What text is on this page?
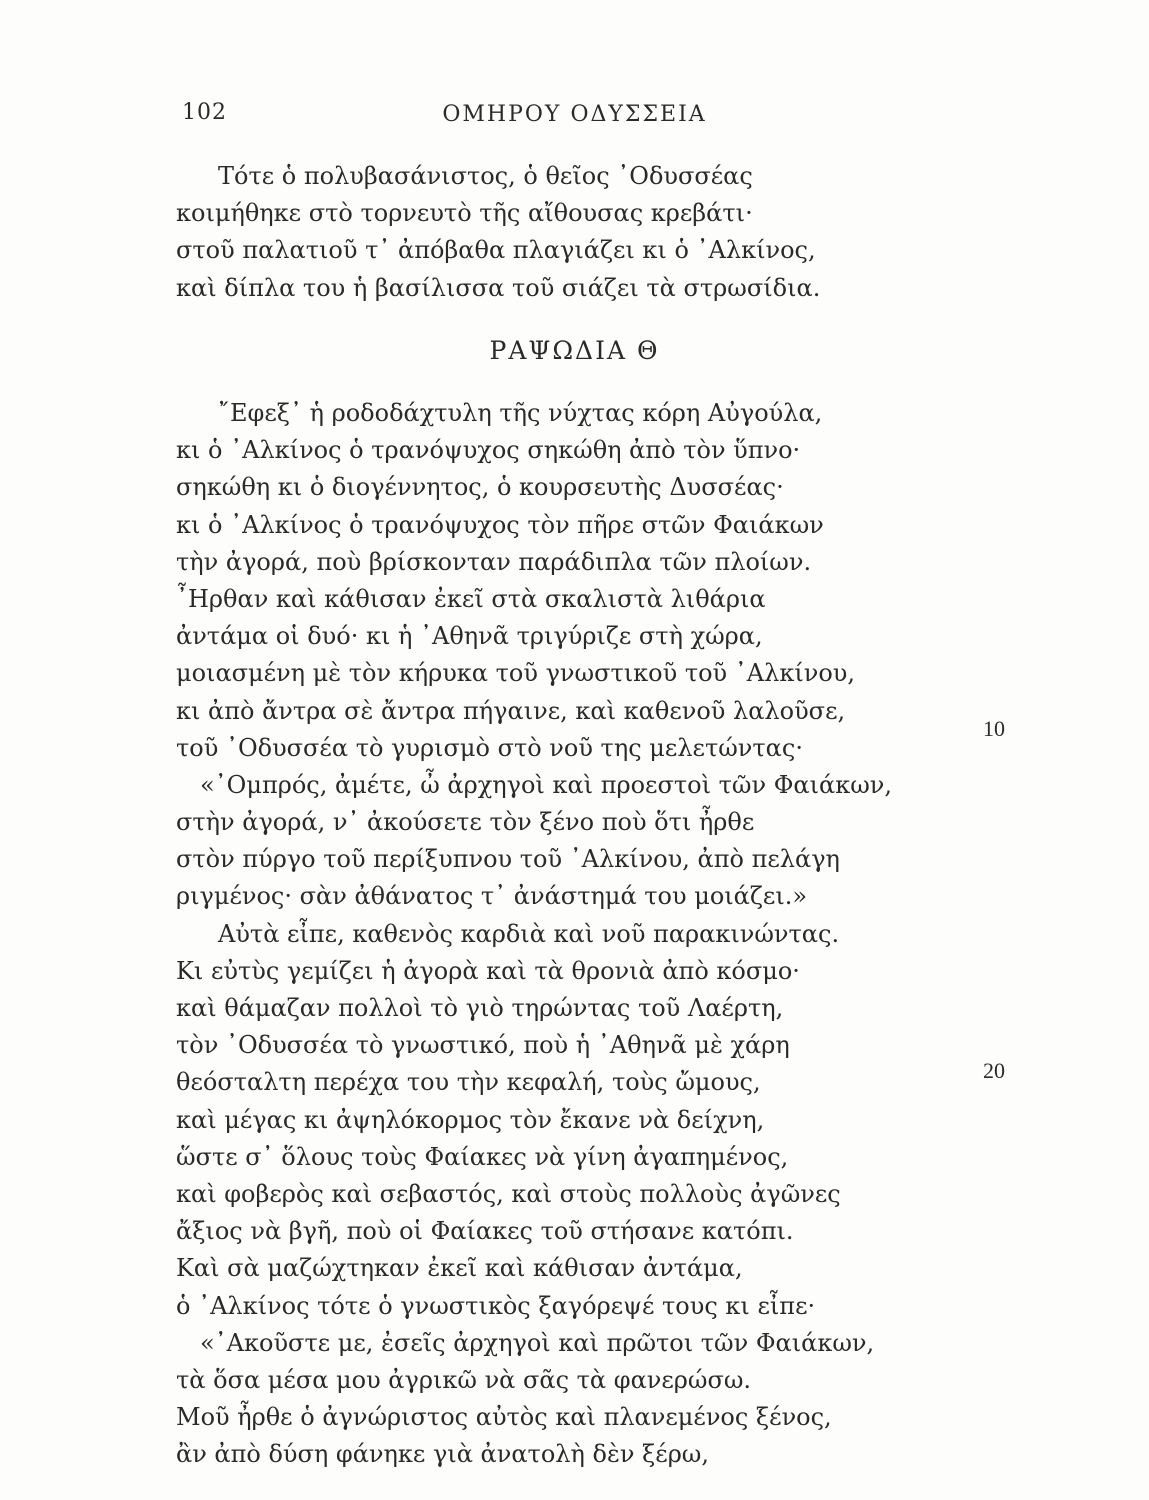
102	ΟΜΗΡΟΥ ΟΔΥΣΣΕΙΑ
Τότε ὁ πολυβασάνιστος, ὁ θεῖος ᾿Οδυσσέας
κοιμήθηκε στὸ τορνευτὸ τῆς αἴθουσας κρεβάτι·
στοῦ παλατιοῦ τ᾿ ἀπόβαθα πλαγιάζει κι ὁ ᾿Αλκίνος,
καὶ δίπλα του ἡ βασίλισσα τοῦ σιάζει τὰ στρωσίδια.
ΡΑΨΩΔΙΑ Θ
῎Εφεξ᾿ ἡ ροδοδάχτυλη τῆς νύχτας κόρη Αὐγούλα,
κι ὁ ᾿Αλκίνος ὁ τρανόψυχος σηκώθη ἀπὸ τὸν ὕπνο·
σηκώθη κι ὁ διογέννητος, ὁ κουρσευτὴς Δυσσέας·
κι ὁ ᾿Αλκίνος ὁ τρανόψυχος τὸν πῆρε στῶν Φαιάκων
τὴν ἀγορά, ποὺ βρίσκονταν παράδιπλα τῶν πλοίων.
῏Ηρθαν καὶ κάθισαν ἐκεῖ στὰ σκαλιστὰ λιθάρια
ἀντάμα οἱ δυό· κι ἡ ᾿Αθηνᾶ τριγύριζε στὴ χώρα,
μοιασμένη μὲ τὸν κήρυκα τοῦ γνωστικοῦ τοῦ ᾿Αλκίνου,
κι ἀπὸ ἄντρα σὲ ἄντρα πήγαινε, καὶ καθενοῦ λαλοῦσε,
τοῦ ᾿Οδυσσέα τὸ γυρισμὸ στὸ νοῦ της μελετώντας·
«᾿Ομπρός, ἀμέτε, ὦ ἀρχηγοὶ καὶ προεστοὶ τῶν Φαιάκων,
στὴν ἀγορά, ν᾿ ἀκούσετε τὸν ξένο ποὺ ὅτι ἦρθε
στὸν πύργο τοῦ περίξυπνου τοῦ ᾿Αλκίνου, ἀπὸ πελάγη
ριγμένος· σὰν ἀθάνατος τ᾿ ἀνάστημά του μοιάζει.»
Αὐτὰ εἶπε, καθενὸς καρδιὰ καὶ νοῦ παρακινώντας.
Κι εὐτὺς γεμίζει ἡ ἀγορὰ καὶ τὰ θρονιὰ ἀπὸ κόσμο·
καὶ θάμαζαν πολλοὶ τὸ γιὸ τηρώντας τοῦ Λαέρτη,
τὸν ᾿Οδυσσέα τὸ γνωστικό, ποὺ ἡ ᾿Αθηνᾶ μὲ χάρη
θεόσταλτη περέχα του τὴν κεφαλή, τοὺς ὤμους,
καὶ μέγας κι ἀψηλόκορμος τὸν ἔκανε νὰ δείχνη,
ὥστε σ᾿ ὅλους τοὺς Φαίακες νὰ γίνη ἀγαπημένος,
καὶ φοβερὸς καὶ σεβαστός, καὶ στοὺς πολλοὺς ἀγῶνες
ἄξιος νὰ βγῆ, ποὺ οἱ Φαίακες τοῦ στήσανε κατόπι.
Καὶ σὰ μαζώχτηκαν ἐκεῖ καὶ κάθισαν ἀντάμα,
ὁ ᾿Αλκίνος τότε ὁ γνωστικὸς ξαγόρεψέ τους κι εἶπε·
«᾿Ακοῦστε με, ἐσεῖς ἀρχηγοὶ καὶ πρῶτοι τῶν Φαιάκων,
τὰ ὅσα μέσα μου ἀγρικῶ νὰ σᾶς τὰ φανερώσω.
Μοῦ ἦρθε ὁ ἀγνώριστος αὐτὸς καὶ πλανεμένος ξένος,
ἂν ἀπὸ δύση φάνηκε γιὰ ἀνατολὴ δὲν ξέρω,
10
20
